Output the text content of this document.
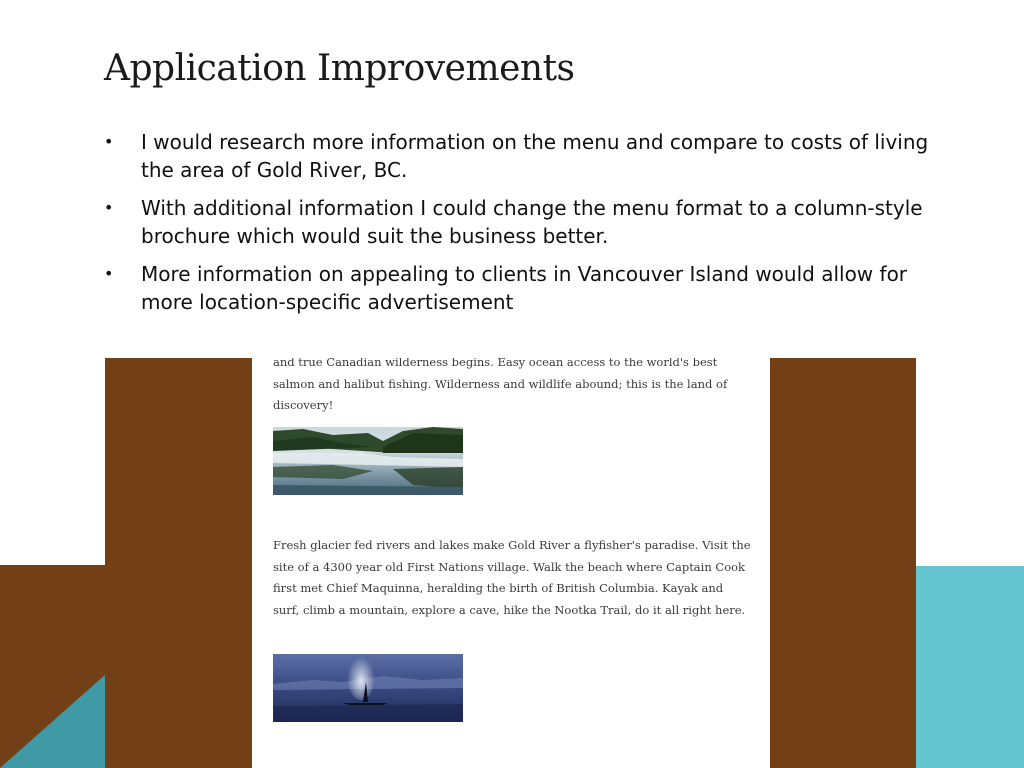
Application Improvements
• I would research more information on the menu and compare to costs of living the area of Gold River, BC.
• With additional information I could change the menu format to a column-style brochure which would suit the business better.
• More information on appealing to clients in Vancouver Island would allow for more location-specific advertisement

and true Canadian wilderness begins. Easy ocean access to the world's best salmon and halibut fishing. Wilderness and wildlife abound; this is the land of discovery!

Fresh glacier fed rivers and lakes make Gold River a flyfisher's paradise. Visit the site of a 4300 year old First Nations village. Walk the beach where Captain Cook first met Chief Maquinna, heralding the birth of British Columbia. Kayak and surf, climb a mountain, explore a cave, hike the Nootka Trail, do it all right here.
